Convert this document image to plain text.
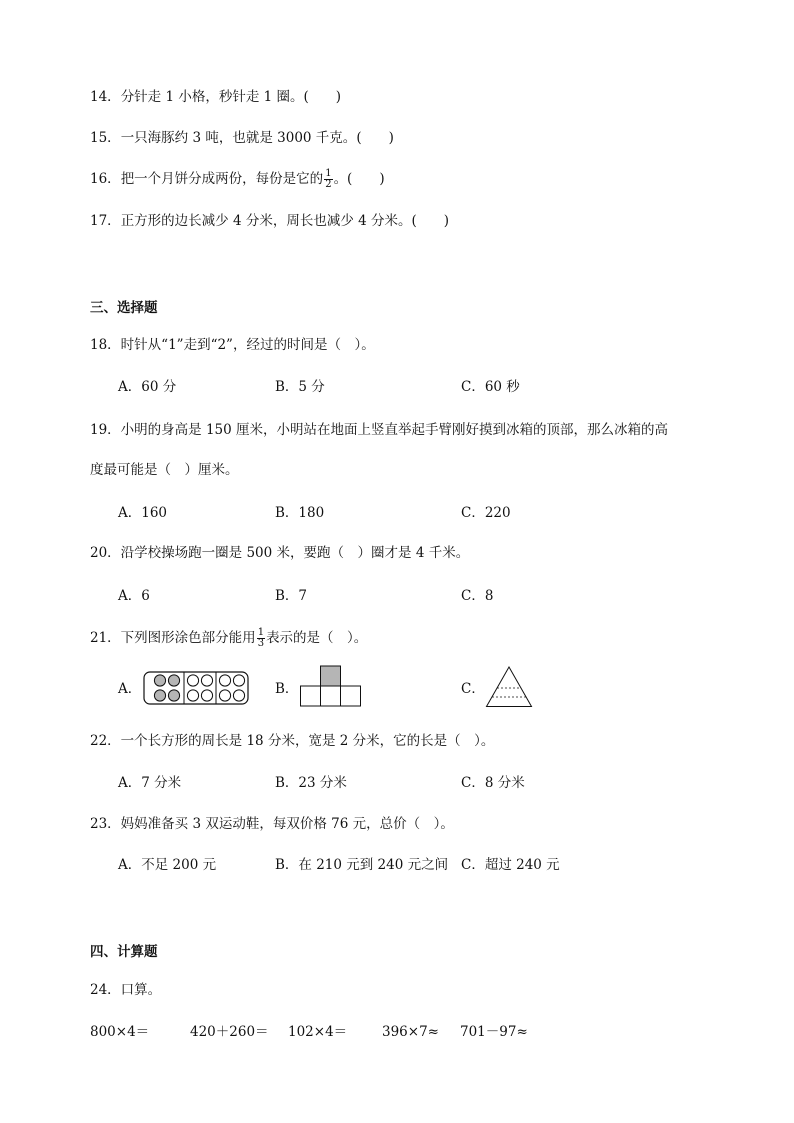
14．分针走 1 小格，秒针走 1 圈。(　　)
15．一只海豚约 3 吨，也就是 3000 千克。(　　)
16．把一个月饼分成两份，每份是它的 $\frac{1}{2}$ 。(　　)
17．正方形的边长减少 4 分米，周长也减少 4 分米。(　　)
三、选择题
18．时针从“1”走到“2”，经过的时间是（　）。
A．60 分	B．5 分	C．60 秒
19．小明的身高是 150 厘米，小明站在地面上竖直举起手臂刚好摸到冰箱的顶部，那么冰箱的高
度最可能是（　）厘米。
A．160	B．180	C．220
20．沿学校操场跑一圈是 500 米，要跑（　）圈才是 4 千米。
A．6	B．7	C．8
21．下列图形涂色部分能用 $\frac{1}{3}$ 表示的是（　）。
A．	B．	C．
22．一个长方形的周长是 18 分米，宽是 2 分米，它的长是（　）。
A．7 分米	B．23 分米	C．8 分米
23．妈妈准备买 3 双运动鞋，每双价格 76 元，总价（　）。
A．不足 200 元	B．在 210 元到 240 元之间 C．超过 240 元
四、计算题
24．口算。
800×4＝	420＋260＝ 102×4＝	396×7≈ 701－97≈
